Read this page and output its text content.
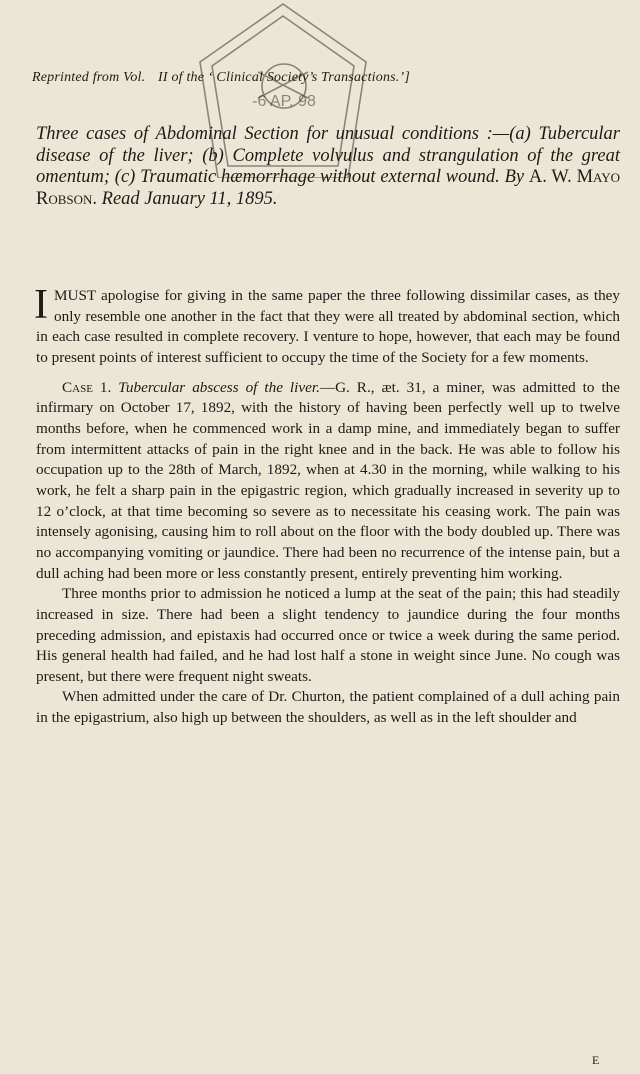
-6 AP. 98
Reprinted from Vol. II of the ‘ Clinical Society’s Transactions.’]
Three cases of Abdominal Section for unusual conditions :—(a) Tubercular disease of the liver; (b) Complete volvulus and strangulation of the great omentum; (c) Traumatic hæmorrhage without external wound. By A. W. Mayo Robson. Read January 11, 1895.

IMUST apologise for giving in the same paper the three following dissimilar cases, as they only resemble one another in the fact that they were all treated by abdominal section, which in each case resulted in complete recovery. I venture to hope, however, that each may be found to present points of interest sufficient to occupy the time of the Society for a few moments.

Case 1. Tubercular abscess of the liver.—G. R., æt. 31, a miner, was admitted to the infirmary on October 17, 1892, with the history of having been perfectly well up to twelve months before, when he commenced work in a damp mine, and immediately began to suffer from intermittent attacks of pain in the right knee and in the back. He was able to follow his occupation up to the 28th of March, 1892, when at 4.30 in the morning, while walking to his work, he felt a sharp pain in the epigastric region, which gradually increased in severity up to 12 o’clock, at that time becoming so severe as to necessitate his ceasing work. The pain was intensely agonising, causing him to roll about on the floor with the body doubled up. There was no accompanying vomiting or jaundice. There had been no recurrence of the intense pain, but a dull aching had been more or less constantly present, entirely preventing him working.

Three months prior to admission he noticed a lump at the seat of the pain; this had steadily increased in size. There had been a slight tendency to jaundice during the four months preceding admission, and epistaxis had occurred once or twice a week during the same period. His general health had failed, and he had lost half a stone in weight since June. No cough was present, but there were frequent night sweats.

When admitted under the care of Dr. Churton, the patient complained of a dull aching pain in the epigastrium, also high up between the shoulders, as well as in the left shoulder and

E
